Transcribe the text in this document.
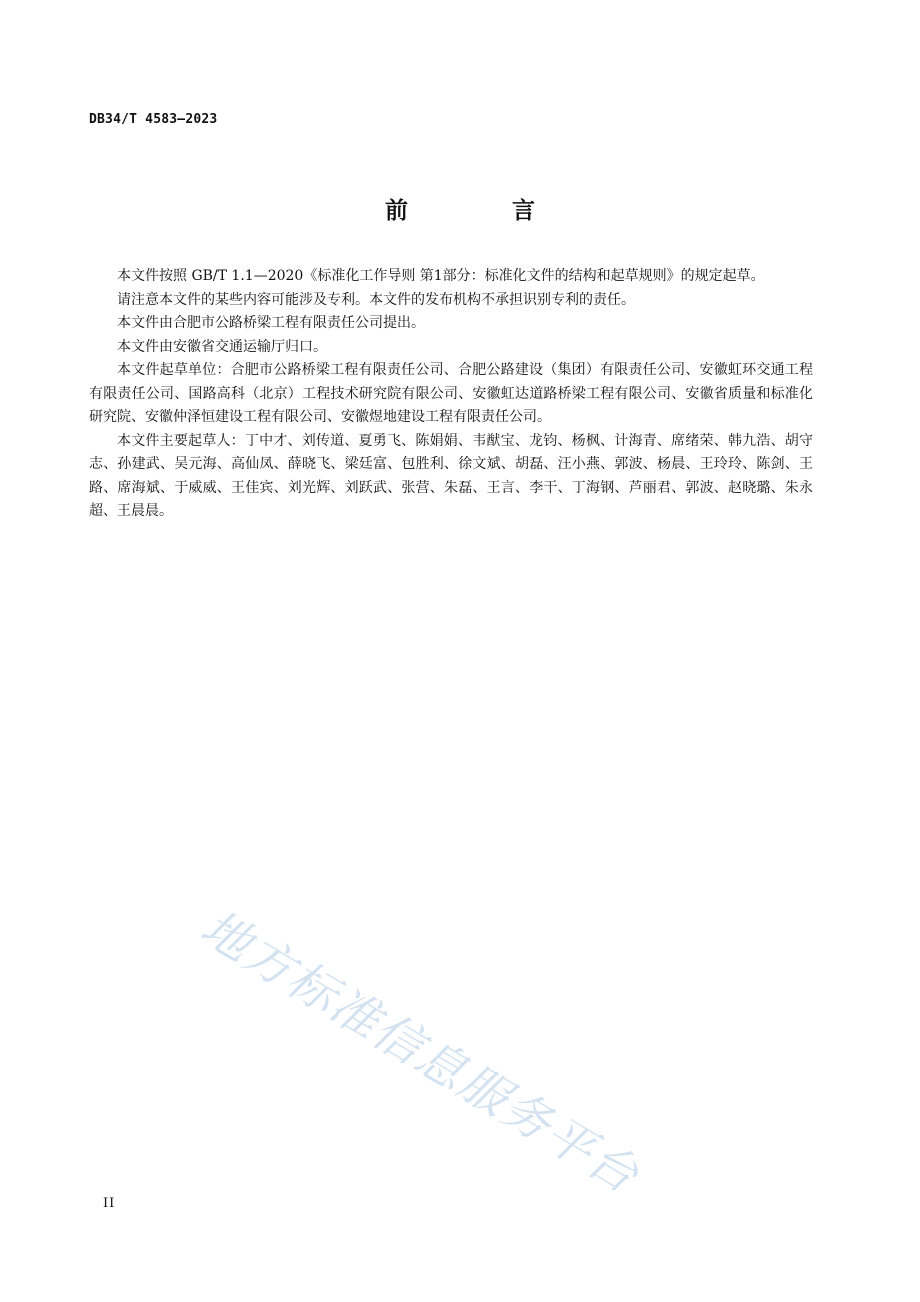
DB34/T 4583—2023
前 言

本文件按照 GB/T 1.1—2020《标准化工作导则 第1部分：标准化文件的结构和起草规则》的规定起草。

请注意本文件的某些内容可能涉及专利。本文件的发布机构不承担识别专利的责任。

本文件由合肥市公路桥梁工程有限责任公司提出。

本文件由安徽省交通运输厅归口。

本文件起草单位：合肥市公路桥梁工程有限责任公司、合肥公路建设（集团）有限责任公司、安徽虹环交通工程有限责任公司、国路高科（北京）工程技术研究院有限公司、安徽虹达道路桥梁工程有限公司、安徽省质量和标准化研究院、安徽仲泽恒建设工程有限公司、安徽煜地建设工程有限责任公司。

本文件主要起草人：丁中才、刘传道、夏勇飞、陈娟娟、韦猷宝、龙钧、杨枫、计海青、席绪荣、韩九浩、胡守志、孙建武、吴元海、高仙凤、薛晓飞、梁廷富、包胜利、徐文斌、胡磊、汪小燕、郭波、杨晨、王玲玲、陈剑、王路、席海斌、于威威、王佳宾、刘光辉、刘跃武、张营、朱磊、王言、李干、丁海钢、芦丽君、郭波、赵晓璐、朱永超、王晨晨。

地方标准信息服务平台
II
